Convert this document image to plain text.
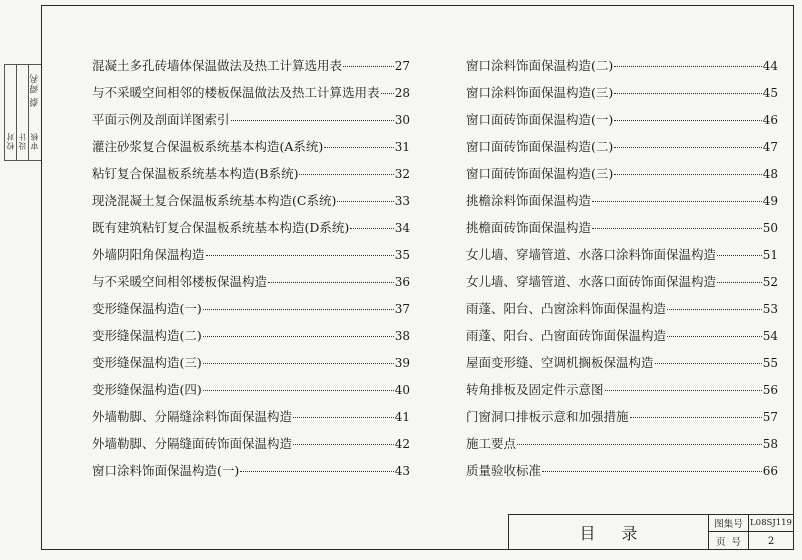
校对 设计 审核
蔡 舜利
混凝土多孔砖墙体保温做法及热工计算选用表	27
与不采暖空间相邻的楼板保温做法及热工计算选用表 28
平面示例及剖面详图索引	30
灌注砂浆复合保温板系统基本构造(A系统)	31
粘钉复合保温板系统基本构造(B系统)	32
现浇混凝土复合保温板系统基本构造(C系统)	33
既有建筑粘钉复合保温板系统基本构造(D系统)	34
外墙阴阳角保温构造	35
与不采暖空间相邻楼板保温构造	36
变形缝保温构造(一)	37
变形缝保温构造(二)	38
变形缝保温构造(三)	39
变形缝保温构造(四)	40
外墙勒脚、分隔缝涂料饰面保温构造	41
外墙勒脚、分隔缝面砖饰面保温构造	42
窗口涂料饰面保温构造(一)	43
窗口涂料饰面保温构造(二)	44
窗口涂料饰面保温构造(三)	45
窗口面砖饰面保温构造(一)	46
窗口面砖饰面保温构造(二)	47
窗口面砖饰面保温构造(三)	48
挑檐涂料饰面保温构造	49
挑檐面砖饰面保温构造	50
女儿墙、穿墙管道、水落口涂料饰面保温构造	51
女儿墙、穿墙管道、水落口面砖饰面保温构造	52
雨蓬、阳台、凸窗涂料饰面保温构造	53
雨蓬、阳台、凸窗面砖饰面保温构造	54
屋面变形缝、空调机搁板保温构造	55
转角排板及固定件示意图	56
门窗洞口排板示意和加强措施	57
施工要点	58
质量验收标准	66
目录	图集号 L08SJ119
页号	2
